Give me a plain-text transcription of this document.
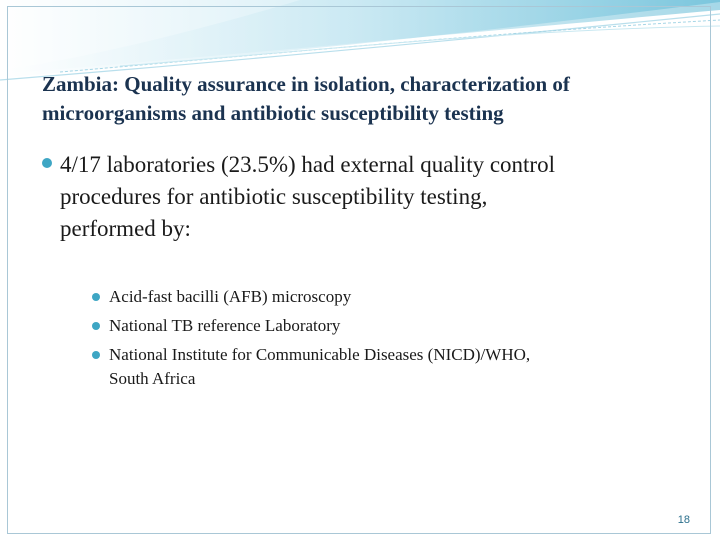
Zambia: Quality assurance in isolation, characterization of
microorganisms and antibiotic susceptibility testing
4/17 laboratories (23.5%) had external quality control
procedures for antibiotic susceptibility testing,
performed by:
Acid-fast bacilli (AFB) microscopy
National TB reference Laboratory
National Institute for Communicable Diseases (NICD)/WHO,
South Africa
18
